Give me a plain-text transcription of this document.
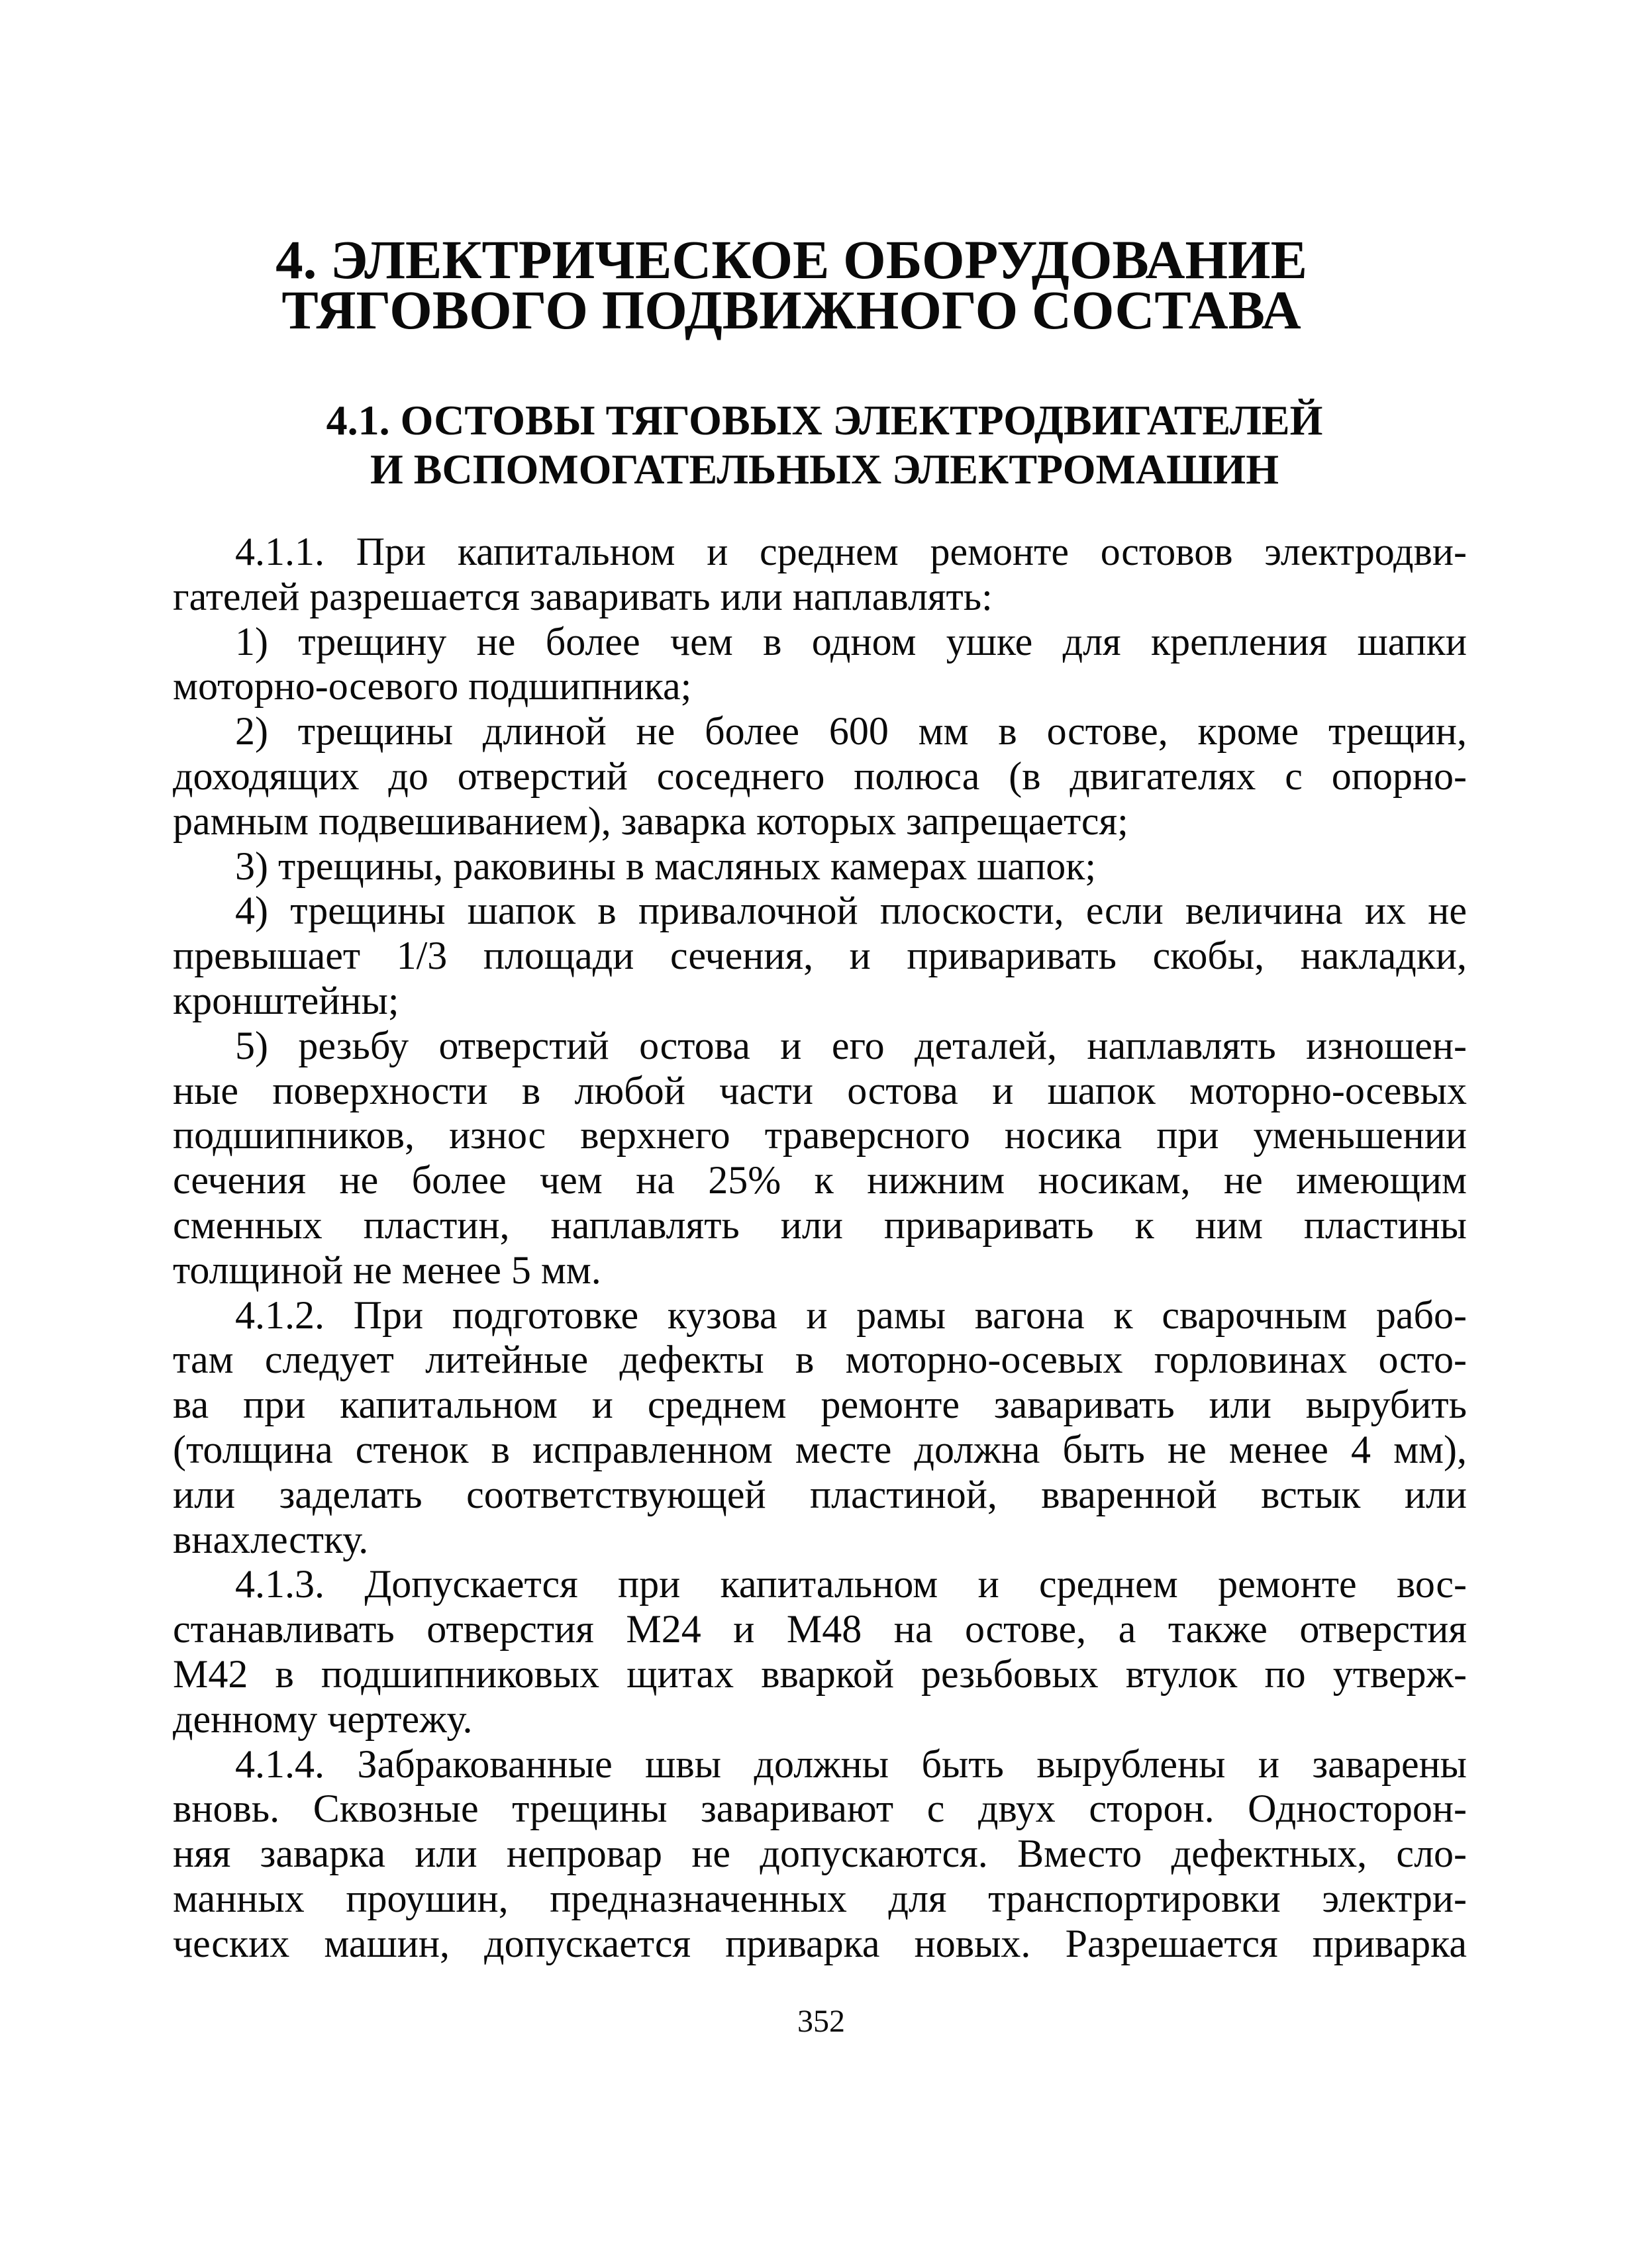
4. ЭЛЕКТРИЧЕСКОЕ ОБОРУДОВАНИЕ
ТЯГОВОГО ПОДВИЖНОГО СОСТАВА
4.1. ОСТОВЫ ТЯГОВЫХ ЭЛЕКТРОДВИГАТЕЛЕЙ
И ВСПОМОГАТЕЛЬНЫХ ЭЛЕКТРОМАШИН
4.1.1. При капитальном и среднем ремонте остовов электродви-
гателей разрешается заваривать или наплавлять:
1) трещину не более чем в одном ушке для крепления шапки
моторно-осевого подшипника;
2) трещины длиной не более 600 мм в остове, кроме трещин,
доходящих до отверстий соседнего полюса (в двигателях с опорно-
рамным подвешиванием), заварка которых запрещается;
3) трещины, раковины в масляных камерах шапок;
4) трещины шапок в привалочной плоскости, если величина их не
превышает 1/3 площади сечения, и приваривать скобы, накладки,
кронштейны;
5) резьбу отверстий остова и его деталей, наплавлять изношен-
ные поверхности в любой части остова и шапок моторно-осевых
подшипников, износ верхнего траверсного носика при уменьшении
сечения не более чем на 25% к нижним носикам, не имеющим
сменных пластин, наплавлять или приваривать к ним пластины
толщиной не менее 5 мм.
4.1.2. При подготовке кузова и рамы вагона к сварочным рабо-
там следует литейные дефекты в моторно-осевых горловинах осто-
ва при капитальном и среднем ремонте заваривать или вырубить
(толщина стенок в исправленном месте должна быть не менее 4 мм),
или заделать соответствующей пластиной, вваренной встык или
внахлестку.
4.1.3. Допускается при капитальном и среднем ремонте вос-
станавливать отверстия М24 и М48 на остове, а также отверстия
М42 в подшипниковых щитах вваркой резьбовых втулок по утверж-
денному чертежу.
4.1.4. Забракованные швы должны быть вырублены и заварены
вновь. Сквозные трещины заваривают с двух сторон. Односторон-
няя заварка или непровар не допускаются. Вместо дефектных, сло-
манных проушин, предназначенных для транспортировки электри-
ческих машин, допускается приварка новых. Разрешается приварка
352
